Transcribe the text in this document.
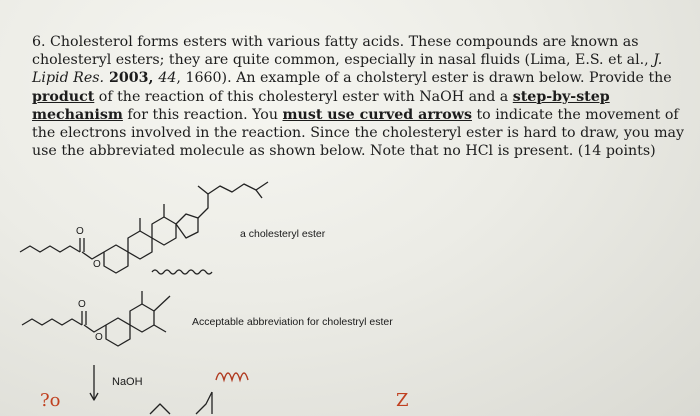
6. Cholesterol forms esters with various fatty acids. These compounds are known as
cholesteryl esters; they are quite common, especially in nasal fluids (Lima, E.S. et al., J.
Lipid Res. 2003, 44, 1660). An example of a cholsteryl ester is drawn below. Provide the
product of the reaction of this cholesteryl ester with NaOH and a step-by-step
mechanism for this reaction. You must use curved arrows to indicate the movement of
the electrons involved in the reaction. Since the cholesteryl ester is hard to draw, you may
use the abbreviated molecule as shown below. Note that no HCl is present. (14 points)
O
O
O
O
a cholesteryl ester
Acceptable abbreviation for cholestryl ester
NaOH
?o	Z
